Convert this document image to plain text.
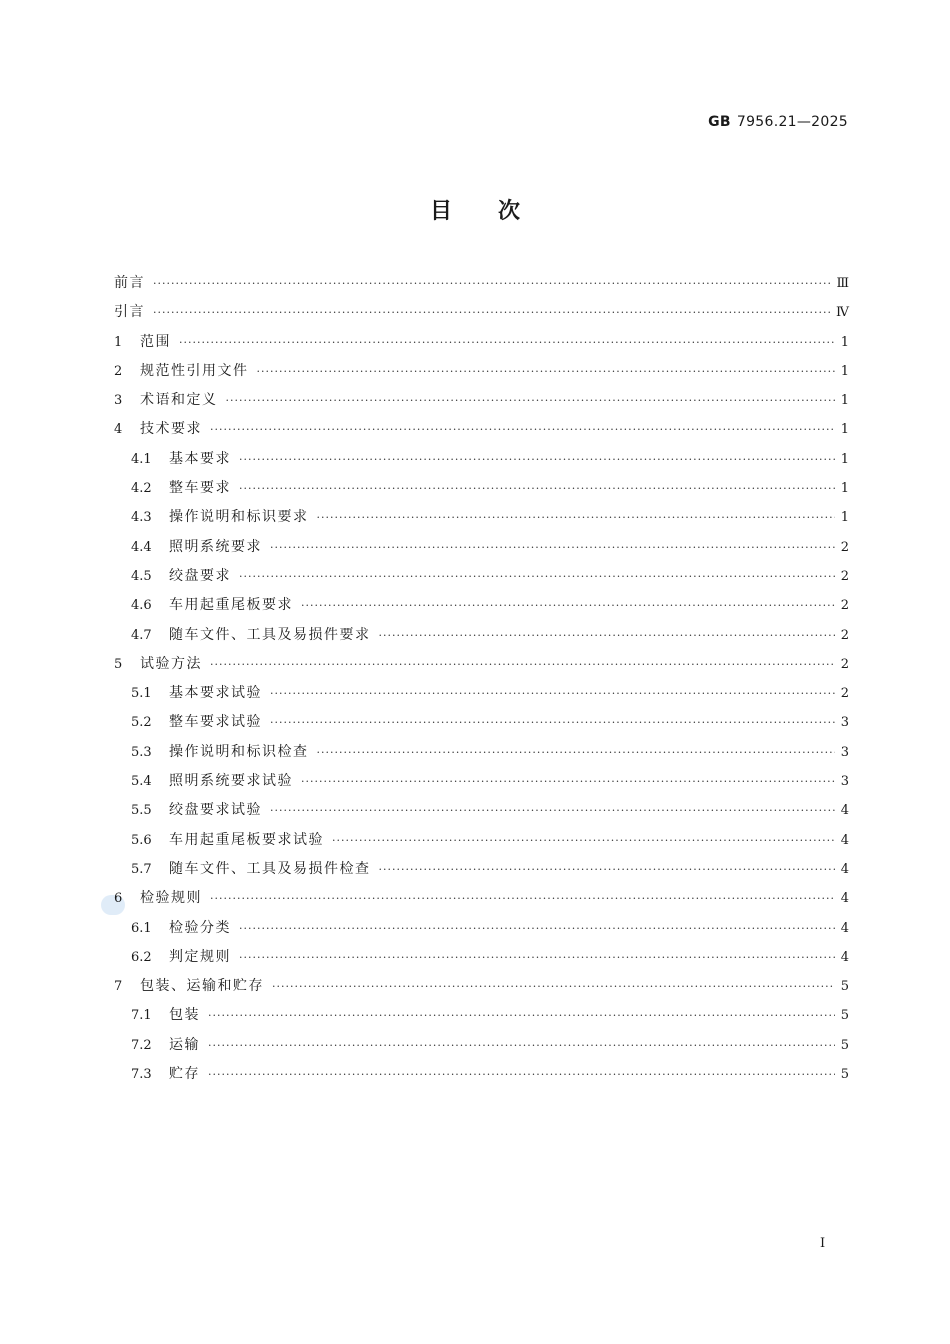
GB 7956.21—2025
目次
前言 ·····	Ⅲ
引言 ·····	Ⅳ
1	范围 ·····	1
2	规范性引用文件 ·····	1
3	术语和定义 ·····	1
4	技术要求 ·····	1
4.1	基本要求 ·····	1
4.2	整车要求 ·····	1
4.3	操作说明和标识要求 ·····	1
4.4	照明系统要求 ·····	2
4.5	绞盘要求 ·····	2
4.6	车用起重尾板要求 ·····	2
4.7	随车文件、工具及易损件要求 ·····	2
5	试验方法 ·····	2
5.1	基本要求试验 ·····	2
5.2	整车要求试验 ·····	3
5.3	操作说明和标识检查 ·····	3
5.4	照明系统要求试验 ·····	3
5.5	绞盘要求试验 ·····	4
5.6	车用起重尾板要求试验 ·····	4
5.7	随车文件、工具及易损件检查 ·····	4
6	检验规则 ·····	4
6.1	检验分类 ·····	4
6.2	判定规则 ·····	4
7	包装、运输和贮存 ·····	5
7.1	包装 ·····	5
7.2	运输 ·····	5
7.3	贮存 ·····	5
I
